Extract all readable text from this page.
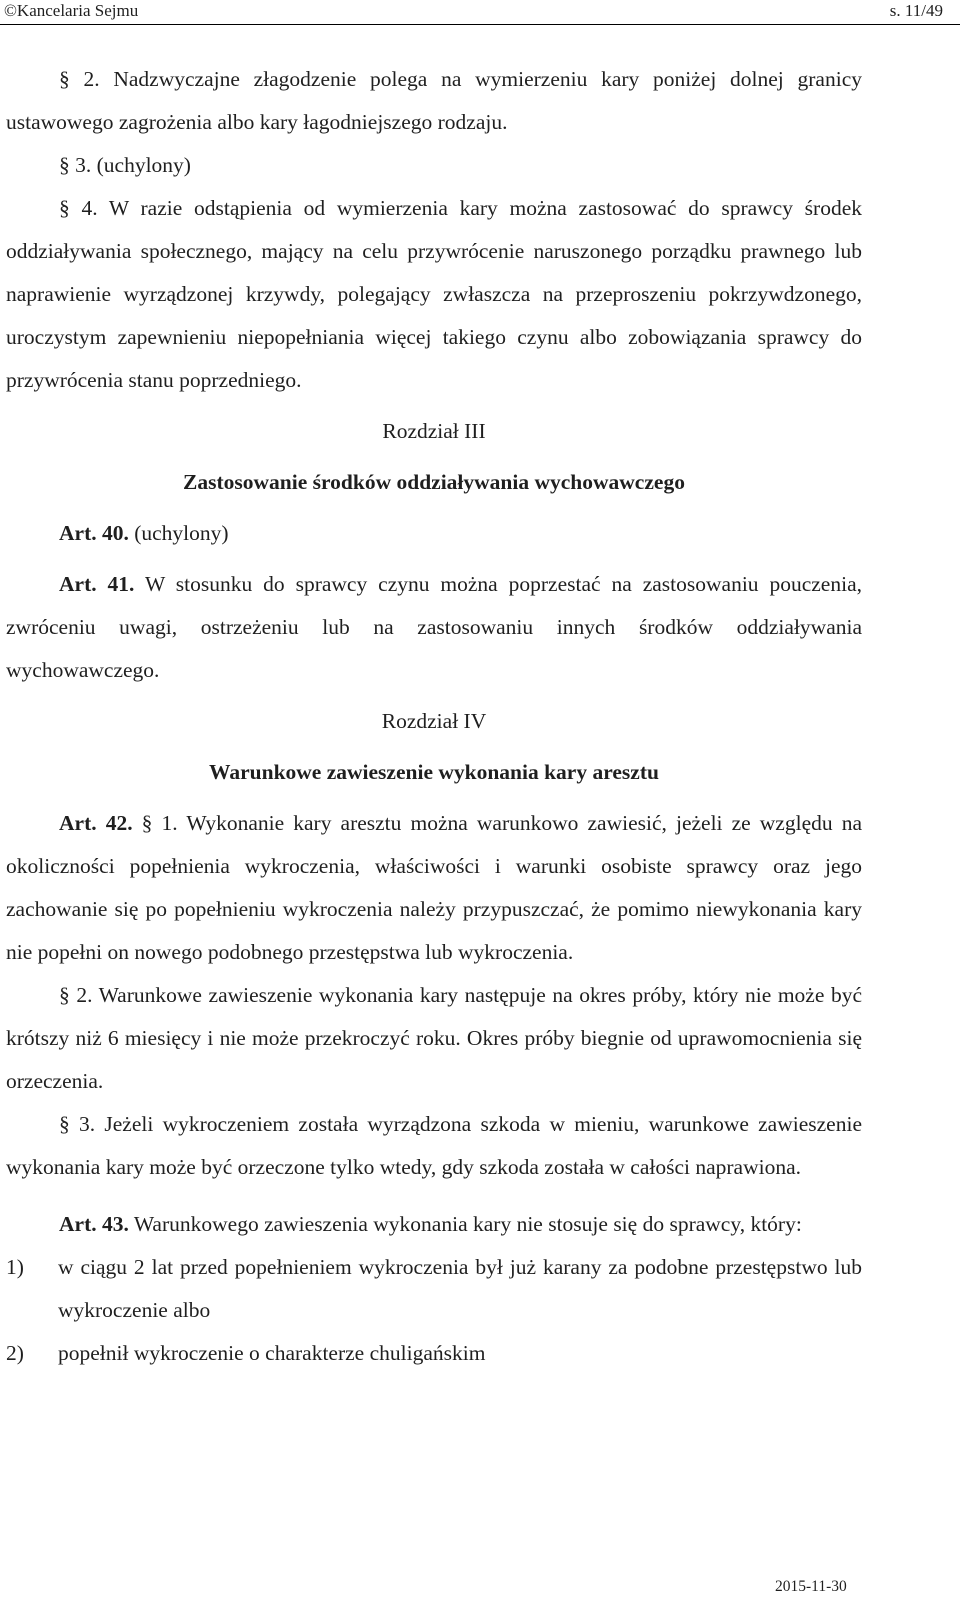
©Kancelaria Sejmu	s. 11/49

§ 2. Nadzwyczajne złagodzenie polega na wymierzeniu kary poniżej dolnej granicy ustawowego zagrożenia albo kary łagodniejszego rodzaju.

§ 3. (uchylony)

§ 4. W razie odstąpienia od wymierzenia kary można zastosować do sprawcy środek oddziaływania społecznego, mający na celu przywrócenie naruszonego porządku prawnego lub naprawienie wyrządzonej krzywdy, polegający zwłaszcza na przeproszeniu pokrzywdzonego, uroczystym zapewnieniu niepopełniania więcej takiego czynu albo zobowiązania sprawcy do przywrócenia stanu poprzedniego.

Rozdział III

Zastosowanie środków oddziaływania wychowawczego

Art. 40. (uchylony)

Art. 41. W stosunku do sprawcy czynu można poprzestać na zastosowaniu pouczenia, zwróceniu uwagi, ostrzeżeniu lub na zastosowaniu innych środków oddziaływania wychowawczego.

Rozdział IV

Warunkowe zawieszenie wykonania kary aresztu

Art. 42. § 1. Wykonanie kary aresztu można warunkowo zawiesić, jeżeli ze względu na okoliczności popełnienia wykroczenia, właściwości i warunki osobiste sprawcy oraz jego zachowanie się po popełnieniu wykroczenia należy przypuszczać, że pomimo niewykonania kary nie popełni on nowego podobnego przestępstwa lub wykroczenia.

§ 2. Warunkowe zawieszenie wykonania kary następuje na okres próby, który nie może być krótszy niż 6 miesięcy i nie może przekroczyć roku. Okres próby biegnie od uprawomocnienia się orzeczenia.

§ 3. Jeżeli wykroczeniem została wyrządzona szkoda w mieniu, warunkowe zawieszenie wykonania kary może być orzeczone tylko wtedy, gdy szkoda została w całości naprawiona.

Art. 43. Warunkowego zawieszenia wykonania kary nie stosuje się do sprawcy, który:

1)	w ciągu 2 lat przed popełnieniem wykroczenia był już karany za podobne przestępstwo lub wykroczenie albo
2)	popełnił wykroczenie o charakterze chuligańskim
2015-11-30
